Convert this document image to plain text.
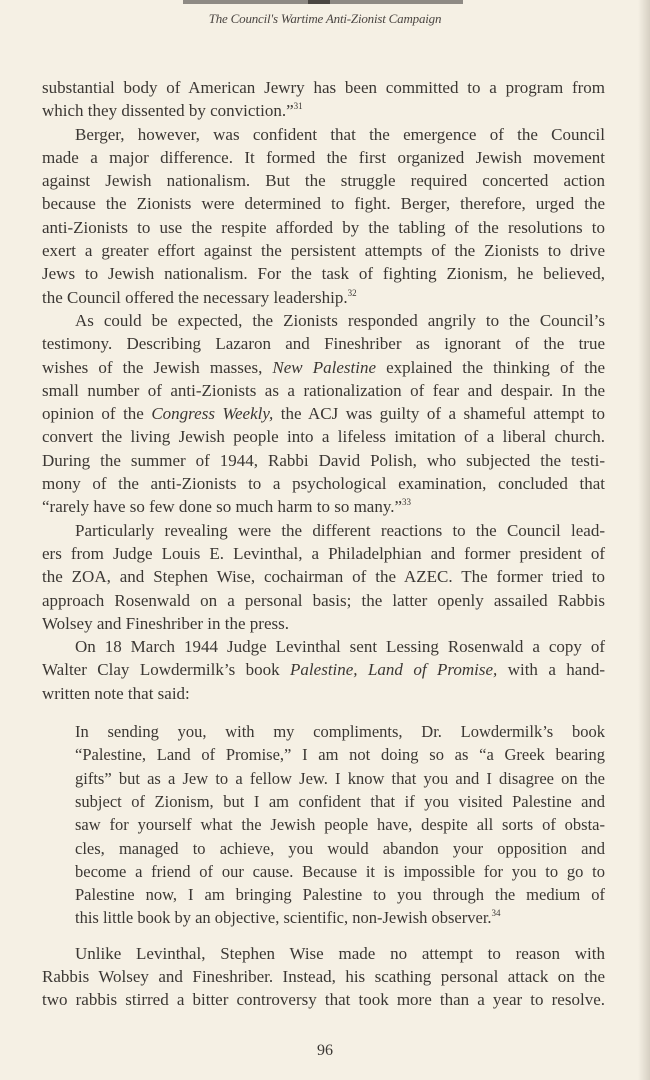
The Council's Wartime Anti-Zionist Campaign
substantial body of American Jewry has been committed to a program from
which they dissented by conviction.”$^{31}$
Berger, however, was confident that the emergence of the Council
made a major difference. It formed the first organized Jewish movement
against Jewish nationalism. But the struggle required concerted action
because the Zionists were determined to fight. Berger, therefore, urged the
anti-Zionists to use the respite afforded by the tabling of the resolutions to
exert a greater effort against the persistent attempts of the Zionists to drive
Jews to Jewish nationalism. For the task of fighting Zionism, he believed,
the Council offered the necessary leadership.$^{32}$
As could be expected, the Zionists responded angrily to the Council’s
testimony. Describing Lazaron and Fineshriber as ignorant of the true
wishes of the Jewish masses, New Palestine explained the thinking of the
small number of anti-Zionists as a rationalization of fear and despair. In the
opinion of the Congress Weekly, the ACJ was guilty of a shameful attempt to
convert the living Jewish people into a lifeless imitation of a liberal church.
During the summer of 1944, Rabbi David Polish, who subjected the testi-
mony of the anti-Zionists to a psychological examination, concluded that
“rarely have so few done so much harm to so many.”$^{33}$
Particularly revealing were the different reactions to the Council lead-
ers from Judge Louis E. Levinthal, a Philadelphian and former president of
the ZOA, and Stephen Wise, cochairman of the AZEC. The former tried to
approach Rosenwald on a personal basis; the latter openly assailed Rabbis
Wolsey and Fineshriber in the press.
On 18 March 1944 Judge Levinthal sent Lessing Rosenwald a copy of
Walter Clay Lowdermilk’s book Palestine, Land of Promise, with a hand-
written note that said:
In sending you, with my compliments, Dr. Lowdermilk’s book
“Palestine, Land of Promise,” I am not doing so as “a Greek bearing
gifts” but as a Jew to a fellow Jew. I know that you and I disagree on the
subject of Zionism, but I am confident that if you visited Palestine and
saw for yourself what the Jewish people have, despite all sorts of obsta-
cles, managed to achieve, you would abandon your opposition and
become a friend of our cause. Because it is impossible for you to go to
Palestine now, I am bringing Palestine to you through the medium of
this little book by an objective, scientific, non-Jewish observer.$^{34}$
Unlike Levinthal, Stephen Wise made no attempt to reason with
Rabbis Wolsey and Fineshriber. Instead, his scathing personal attack on the
two rabbis stirred a bitter controversy that took more than a year to resolve.
96
